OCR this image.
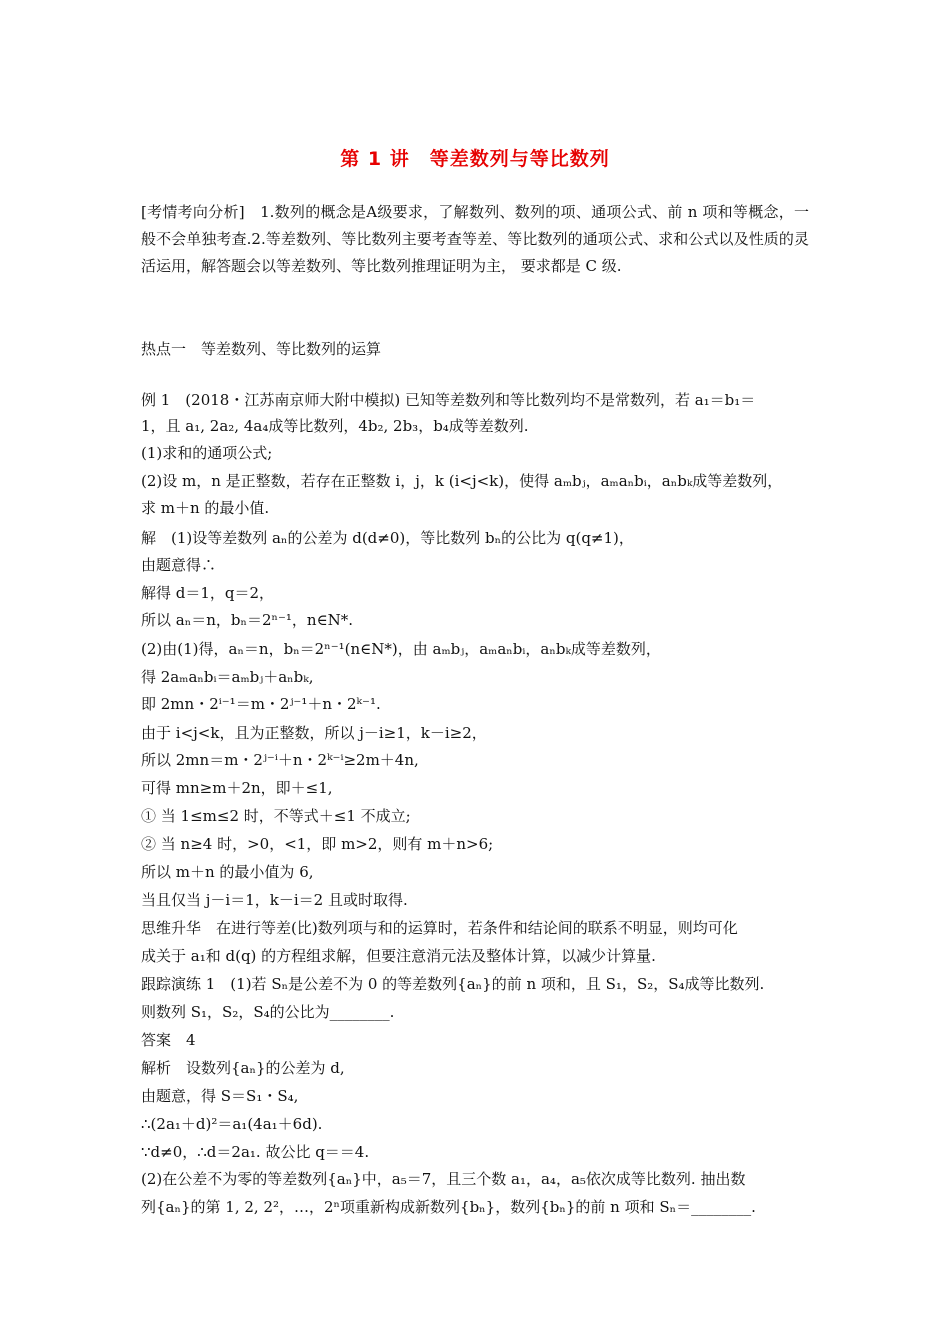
第 1 讲　等差数列与等比数列
[考情考向分析]　1.数列的概念是A级要求，了解数列、数列的项、通项公式、前 n 项和等概念，一般不会单独考查.2.等差数列、等比数列主要考查等差、等比数列的通项公式、求和公式以及性质的灵活运用，解答题会以等差数列、等比数列推理证明为主， 要求都是 C 级.
热点一　等差数列、等比数列的运算
例 1　(2018・江苏南京师大附中模拟) 已知等差数列和等比数列均不是常数列，若 a₁＝b₁＝
1，且 a₁, 2a₂, 4a₄成等比数列，4b₂, 2b₃，b₄成等差数列.
(1)求和的通项公式;
(2)设 m，n 是正整数，若存在正整数 i，j，k (i<j<k)，使得 aₘbⱼ，aₘaₙbᵢ，aₙbₖ成等差数列，
求 m＋n 的最小值.
解　(1)设等差数列 aₙ的公差为 d(d≠0)，等比数列 bₙ的公比为 q(q≠1)，
由题意得∴
解得 d＝1，q＝2，
所以 aₙ＝n，bₙ＝2ⁿ⁻¹，n∈N*.
(2)由(1)得，aₙ＝n，bₙ＝2ⁿ⁻¹(n∈N*)，由 aₘbⱼ，aₘaₙbᵢ，aₙbₖ成等差数列，
得 2aₘaₙbᵢ＝aₘbⱼ＋aₙbₖ,
即 2mn・2ⁱ⁻¹＝m・2ʲ⁻¹＋n・2ᵏ⁻¹.
由于 i<j<k，且为正整数，所以 j－i≥1，k－i≥2，
所以 2mn＝m・2ʲ⁻ⁱ＋n・2ᵏ⁻ⁱ≥2m＋4n,
可得 mn≥m＋2n，即＋≤1,
① 当 1≤m≤2 时，不等式＋≤1 不成立;
② 当 n≥4 时，>0，<1，即 m>2，则有 m＋n>6;
所以 m＋n 的最小值为 6,
当且仅当 j－i＝1，k－i＝2 且或时取得.
思维升华　在进行等差(比)数列项与和的运算时，若条件和结论间的联系不明显，则均可化
成关于 a₁和 d(q) 的方程组求解，但要注意消元法及整体计算，以减少计算量.
跟踪演练 1　(1)若 Sₙ是公差不为 0 的等差数列{aₙ}的前 n 项和，且 S₁，S₂，S₄成等比数列.
则数列 S₁，S₂，S₄的公比为________.
答案　4
解析　设数列{aₙ}的公差为 d,
由题意，得 S＝S₁・S₄,
∴(2a₁＋d)²＝a₁(4a₁＋6d).
∵d≠0，∴d＝2a₁. 故公比 q＝＝4.
(2)在公差不为零的等差数列{aₙ}中，a₅＝7，且三个数 a₁，a₄，a₅依次成等比数列. 抽出数
列{aₙ}的第 1, 2, 2²，…，2ⁿ项重新构成新数列{bₙ}，数列{bₙ}的前 n 项和 Sₙ＝________.
